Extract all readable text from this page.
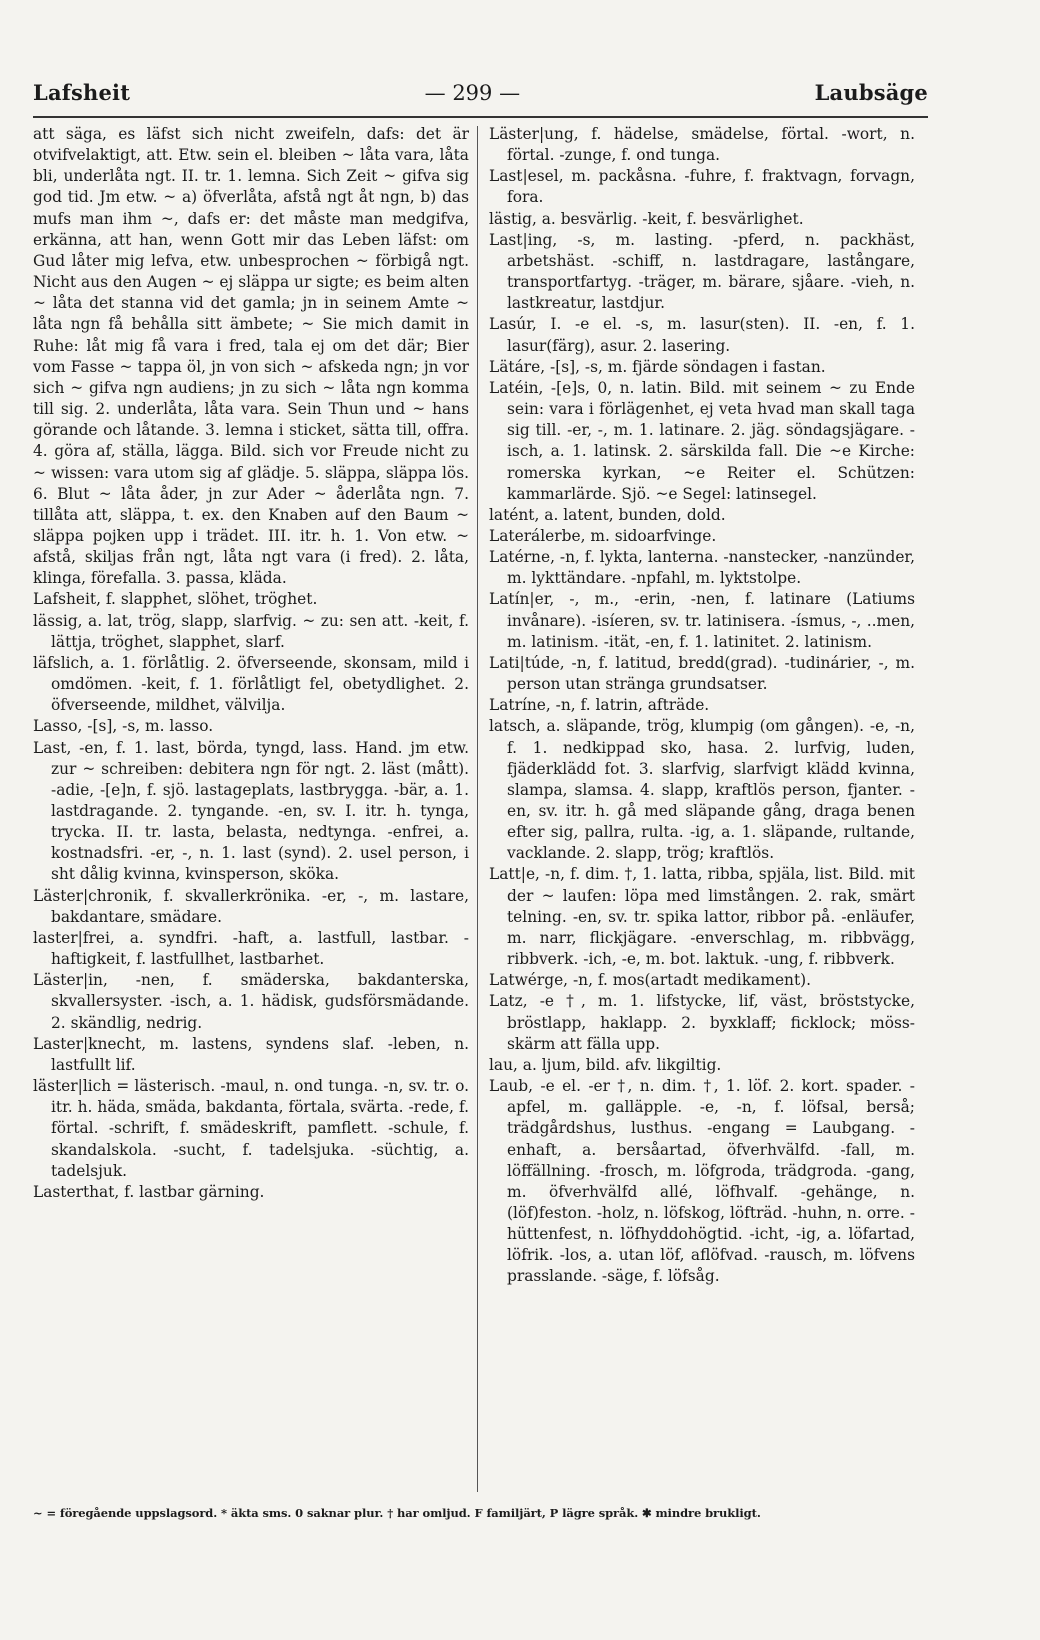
Lafsheit	— 299 —	Laubsäge

att säga, es läfst sich nicht zweifeln, dafs: det är otvifvelaktigt, att. Etw. sein el. bleiben ~ låta vara, låta bli, underlåta ngt. II. tr. 1. lemna. Sich Zeit ~ gifva sig god tid. Jm etw. ~ a) öfverlåta, afstå ngt åt ngn, b) das mufs man ihm ~, dafs er: det måste man medgifva, erkänna, att han, wenn Gott mir das Leben läfst: om Gud låter mig lefva, etw. unbesprochen ~ förbigå ngt. Nicht aus den Augen ~ ej släppa ur sigte; es beim alten ~ låta det stanna vid det gamla; jn in seinem Amte ~ låta ngn få behålla sitt ämbete; ~ Sie mich damit in Ruhe: låt mig få vara i fred, tala ej om det där; Bier vom Fasse ~ tappa öl, jn von sich ~ afskeda ngn; jn vor sich ~ gifva ngn audiens; jn zu sich ~ låta ngn komma till sig. 2. underlåta, låta vara. Sein Thun und ~ hans görande och låtande. 3. lemna i sticket, sätta till, offra. 4. göra af, ställa, lägga. Bild. sich vor Freude nicht zu ~ wissen: vara utom sig af glädje. 5. släppa, släppa lös. 6. Blut ~ låta åder, jn zur Ader ~ åderlåta ngn. 7. tillåta att, släppa, t. ex. den Knaben auf den Baum ~ släppa pojken upp i trädet. III. itr. h. 1. Von etw. ~ afstå, skiljas från ngt, låta ngt vara (i fred). 2. låta, klinga, förefalla. 3. passa, kläda.

Lafsheit, f. slapphet, slöhet, tröghet.

lässig, a. lat, trög, slapp, slarfvig. ~ zu: sen att. -keit, f. lättja, tröghet, slapphet, slarf.

läfslich, a. 1. förlåtlig. 2. öfverseende, skonsam, mild i omdömen. -keit, f. 1. förlåtligt fel, obetydlighet. 2. öfverseende, mildhet, välvilja.

Lasso, -[s], -s, m. lasso.

Last, -en, f. 1. last, börda, tyngd, lass. Hand. jm etw. zur ~ schreiben: debitera ngn för ngt. 2. läst (mått). -adie, -[e]n, f. sjö. lastageplats, lastbrygga. -bär, a. 1. lastdragande. 2. tyngande. -en, sv. I. itr. h. tynga, trycka. II. tr. lasta, belasta, nedtynga. -enfrei, a. kostnadsfri. -er, -, n. 1. last (synd). 2. usel person, i sht dålig kvinna, kvinsperson, sköka.

Läster|chronik, f. skvallerkrönika. -er, -, m. lastare, bakdantare, smädare.

laster|frei, a. syndfri. -haft, a. lastfull, lastbar. -haftigkeit, f. lastfullhet, lastbarhet.

Läster|in, -nen, f. smäderska, bakdanterska, skvallersyster. -isch, a. 1. hädisk, gudsförsmädande. 2. skändlig, nedrig.

Laster|knecht, m. lastens, syndens slaf. -leben, n. lastfullt lif.

läster|lich = lästerisch. -maul, n. ond tunga. -n, sv. tr. o. itr. h. häda, smäda, bakdanta, förtala, svärta. -rede, f. förtal. -schrift, f. smädeskrift, pamflett. -schule, f. skandalskola. -sucht, f. tadelsjuka. -süchtig, a. tadelsjuk.

Lasterthat, f. lastbar gärning.

Läster|ung, f. hädelse, smädelse, förtal. -wort, n. förtal. -zunge, f. ond tunga.

Last|esel, m. packåsna. -fuhre, f. fraktvagn, forvagn, fora.

lästig, a. besvärlig. -keit, f. besvärlighet.

Last|ing, -s, m. lasting. -pferd, n. packhäst, arbetshäst. -schiff, n. lastdragare, lastångare, transportfartyg. -träger, m. bärare, sjåare. -vieh, n. lastkreatur, lastdjur.

Lasúr, I. -e el. -s, m. lasur(sten). II. -en, f. 1. lasur(färg), asur. 2. lasering.

Lätáre, -[s], -s, m. fjärde söndagen i fastan.

Latéin, -[e]s, 0, n. latin. Bild. mit seinem ~ zu Ende sein: vara i förlägenhet, ej veta hvad man skall taga sig till. -er, -, m. 1. latinare. 2. jäg. söndagsjägare. -isch, a. 1. latinsk. 2. särskilda fall. Die ~e Kirche: romerska kyrkan, ~e Reiter el. Schützen: kammarlärde. Sjö. ~e Segel: latinsegel.

latént, a. latent, bunden, dold.

Laterálerbe, m. sidoarfvinge.

Latérne, -n, f. lykta, lanterna. -nanstecker, -nanzünder, m. lykttändare. -npfahl, m. lyktstolpe.

Latín|er, -, m., -erin, -nen, f. latinare (Latiums invånare). -isíeren, sv. tr. latinisera. -ísmus, -, ..men, m. latinism. -ität, -en, f. 1. latinitet. 2. latinism.

Lati|túde, -n, f. latitud, bredd(grad). -tudinárier, -, m. person utan stränga grundsatser.

Latríne, -n, f. latrin, afträde.

latsch, a. släpande, trög, klumpig (om gången). -e, -n, f. 1. nedkippad sko, hasa. 2. lurfvig, luden, fjäderklädd fot. 3. slarfvig, slarfvigt klädd kvinna, slampa, slamsa. 4. slapp, kraftlös person, fjanter. -en, sv. itr. h. gå med släpande gång, draga benen efter sig, pallra, rulta. -ig, a. 1. släpande, rultande, vacklande. 2. slapp, trög; kraftlös.

Latt|e, -n, f. dim. †, 1. latta, ribba, spjäla, list. Bild. mit der ~ laufen: löpa med limstången. 2. rak, smärt telning. -en, sv. tr. spika lattor, ribbor på. -enläufer, m. narr, flickjägare. -enverschlag, m. ribbvägg, ribbverk. -ich, -e, m. bot. laktuk. -ung, f. ribbverk.

Latwérge, -n, f. mos(artadt medikament).

Latz, -e †, m. 1. lifstycke, lif, väst, bröststycke, bröstlapp, haklapp. 2. byxklaff; ficklock; möss-skärm att fälla upp.

lau, a. ljum, bild. afv. likgiltig.

Laub, -e el. -er †, n. dim. †, 1. löf. 2. kort. spader. -apfel, m. galläpple. -e, -n, f. löfsal, berså; trädgårdshus, lusthus. -engang = Laubgang. -enhaft, a. bersåartad, öfverhvälfd. -fall, m. löffällning. -frosch, m. löfgroda, trädgroda. -gang, m. öfverhvälfd allé, löfhvalf. -gehänge, n. (löf)feston. -holz, n. löfskog, löfträd. -huhn, n. orre. -hüttenfest, n. löfhyddohögtid. -icht, -ig, a. löfartad, löfrik. -los, a. utan löf, aflöfvad. -rausch, m. löfvens prasslande. -säge, f. löfsåg.

~ = föregående uppslagsord. * äkta sms. 0 saknar plur. † har omljud. F familjärt, P lägre språk. ✱ mindre brukligt.
